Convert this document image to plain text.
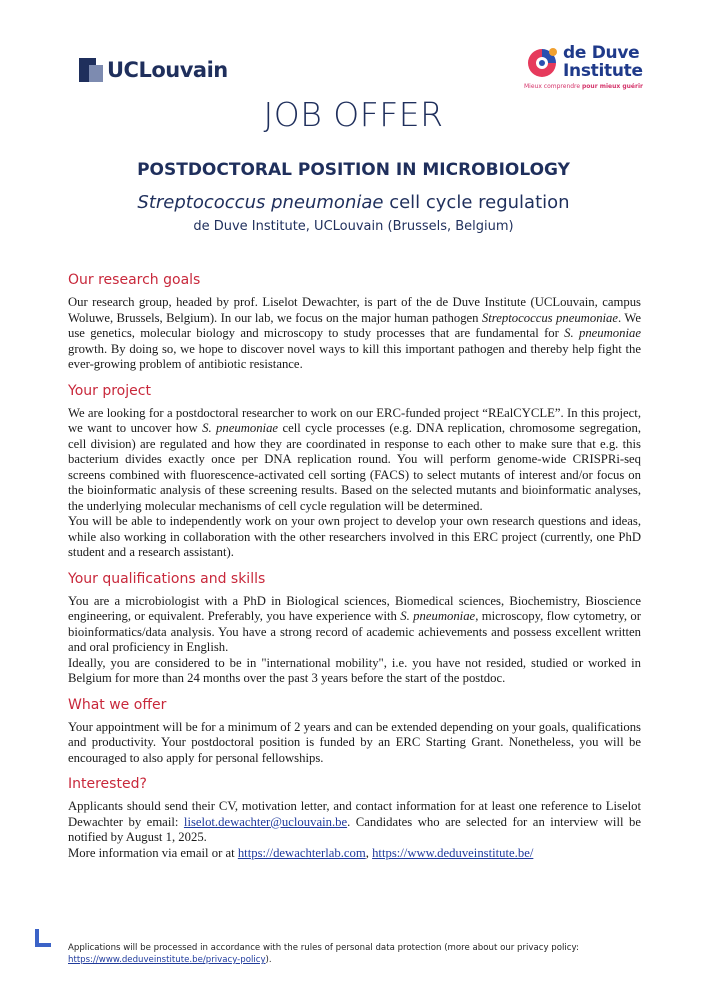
UCLouvain
de Duve
Institute
Mieux comprendre pour mieux guérir
JOB OFFER
POSTDOCTORAL POSITION IN MICROBIOLOGY
Streptococcus pneumoniae cell cycle regulation
de Duve Institute, UCLouvain (Brussels, Belgium)
Our research goals

Our research group, headed by prof. Liselot Dewachter, is part of the de Duve Institute (UCLouvain, campus Woluwe, Brussels, Belgium). In our lab, we focus on the major human pathogen Streptococcus pneumoniae. We use genetics, molecular biology and microscopy to study processes that are fundamental for S. pneumoniae growth. By doing so, we hope to discover novel ways to kill this important pathogen and thereby help fight the ever-growing problem of antibiotic resistance.

Your project

We are looking for a postdoctoral researcher to work on our ERC-funded project “REalCYCLE”. In this project, we want to uncover how S. pneumoniae cell cycle processes (e.g. DNA replication, chromosome segregation, cell division) are regulated and how they are coordinated in response to each other to make sure that e.g. this bacterium divides exactly once per DNA replication round. You will perform genome-wide CRISPRi-seq screens combined with fluorescence-activated cell sorting (FACS) to select mutants of interest and/or focus on the bioinformatic analysis of these screening results. Based on the selected mutants and bioinformatic analyses, the underlying molecular mechanisms of cell cycle regulation will be determined.

You will be able to independently work on your own project to develop your own research questions and ideas, while also working in collaboration with the other researchers involved in this ERC project (currently, one PhD student and a research assistant).

Your qualifications and skills

You are a microbiologist with a PhD in Biological sciences, Biomedical sciences, Biochemistry, Bioscience engineering, or equivalent. Preferably, you have experience with S. pneumoniae, microscopy, flow cytometry, or bioinformatics/data analysis. You have a strong record of academic achievements and possess excellent written and oral proficiency in English.

Ideally, you are considered to be in "international mobility", i.e. you have not resided, studied or worked in Belgium for more than 24 months over the past 3 years before the start of the postdoc.

What we offer

Your appointment will be for a minimum of 2 years and can be extended depending on your goals, qualifications and productivity. Your postdoctoral position is funded by an ERC Starting Grant. Nonetheless, you will be encouraged to also apply for personal fellowships.

Interested?

Applicants should send their CV, motivation letter, and contact information for at least one reference to Liselot Dewachter by email: liselot.dewachter@uclouvain.be. Candidates who are selected for an interview will be notified by August 1, 2025.

More information via email or at https://dewachterlab.com, https://www.deduveinstitute.be/

Applications will be processed in accordance with the rules of personal data protection (more about our privacy policy: https://www.deduveinstitute.be/privacy-policy).
